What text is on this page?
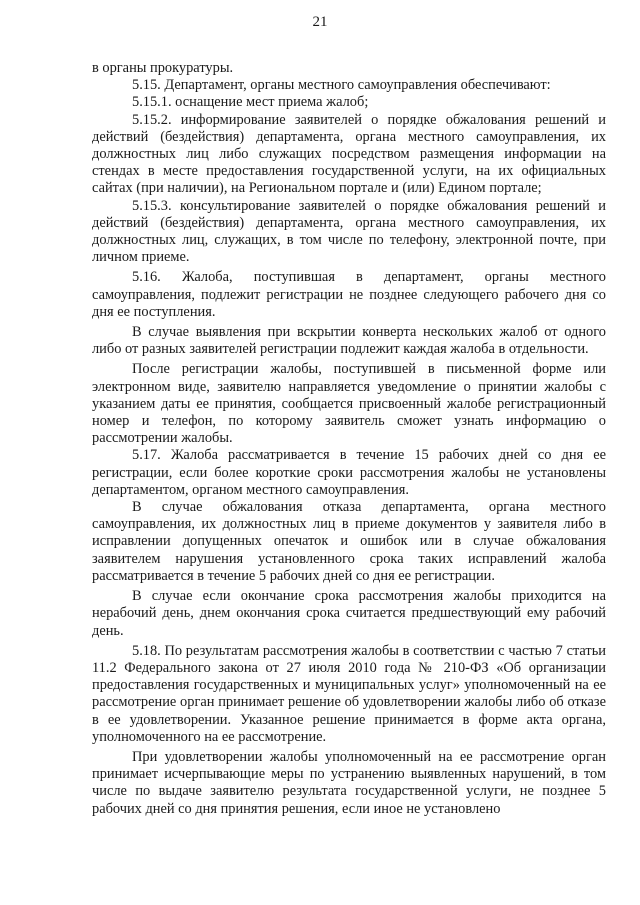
21

в органы прокуратуры.

5.15. Департамент, органы местного самоуправления обеспечивают:

5.15.1. оснащение мест приема жалоб;

5.15.2. информирование заявителей о порядке обжалования решений и действий (бездействия) департамента, органа местного самоуправления, их должностных лиц либо служащих посредством размещения информации на стендах в месте предоставления государственной услуги, на их официальных сайтах (при наличии), на Региональном портале и (или) Едином портале;

5.15.3. консультирование заявителей о порядке обжалования решений и действий (бездействия) департамента, органа местного самоуправления, их должностных лиц, служащих, в том числе по телефону, электронной почте, при личном приеме.

5.16. Жалоба, поступившая в департамент, органы местного самоуправления, подлежит регистрации не позднее следующего рабочего дня со дня ее поступления.

В случае выявления при вскрытии конверта нескольких жалоб от одного либо от разных заявителей регистрации подлежит каждая жалоба в отдельности.

После регистрации жалобы, поступившей в письменной форме или электронном виде, заявителю направляется уведомление о принятии жалобы с указанием даты ее принятия, сообщается присвоенный жалобе регистрационный номер и телефон, по которому заявитель сможет узнать информацию о рассмотрении жалобы.

5.17. Жалоба рассматривается в течение 15 рабочих дней со дня ее регистрации, если более короткие сроки рассмотрения жалобы не установлены департаментом, органом местного самоуправления.

В случае обжалования отказа департамента, органа местного самоуправления, их должностных лиц в приеме документов у заявителя либо в исправлении допущенных опечаток и ошибок или в случае обжалования заявителем нарушения установленного срока таких исправлений жалоба рассматривается в течение 5 рабочих дней со дня ее регистрации.

В случае если окончание срока рассмотрения жалобы приходится на нерабочий день, днем окончания срока считается предшествующий ему рабочий день.

5.18. По результатам рассмотрения жалобы в соответствии с частью 7 статьи 11.2 Федерального закона от 27 июля 2010 года № 210-ФЗ «Об организации предоставления государственных и муниципальных услуг» уполномоченный на ее рассмотрение орган принимает решение об удовлетворении жалобы либо об отказе в ее удовлетворении. Указанное решение принимается в форме акта органа, уполномоченного на ее рассмотрение.

При удовлетворении жалобы уполномоченный на ее рассмотрение орган принимает исчерпывающие меры по устранению выявленных нарушений, в том числе по выдаче заявителю результата государственной услуги, не позднее 5 рабочих дней со дня принятия решения, если иное не установлено
